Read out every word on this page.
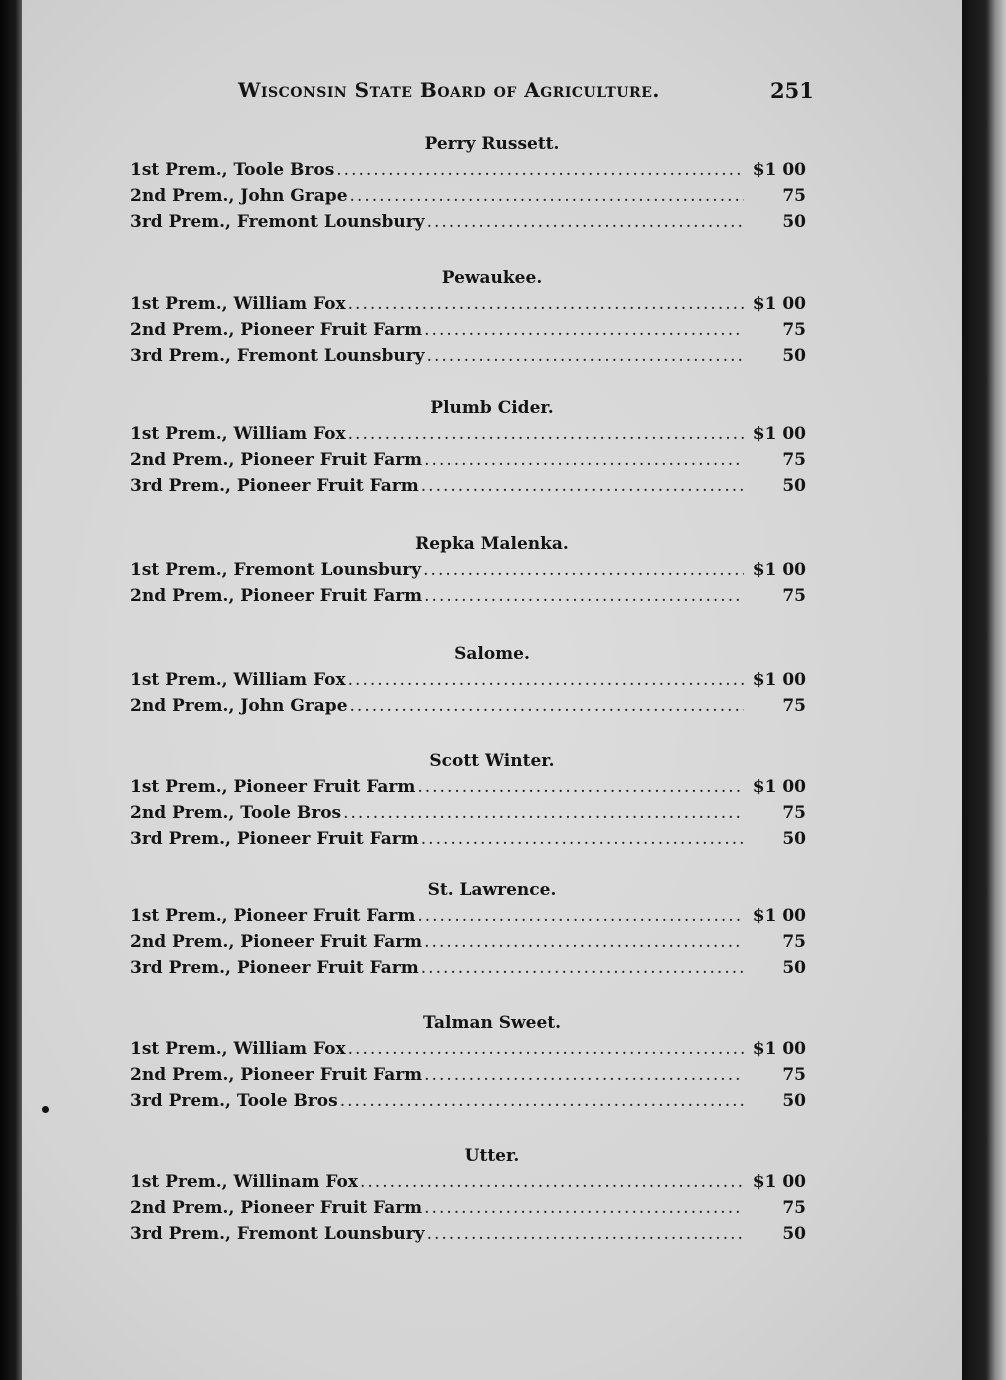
Wisconsin State Board of Agriculture.	251
Perry Russett.
1st Prem., Toole Bros .....	$1 00
2nd Prem., John Grape .....	75
3rd Prem., Fremont Lounsbury .....	50
Pewaukee.
1st Prem., William Fox .....	$1 00
2nd Prem., Pioneer Fruit Farm .....	75
3rd Prem., Fremont Lounsbury .....	50
Plumb Cider.
1st Prem., William Fox .....	$1 00
2nd Prem., Pioneer Fruit Farm .....	75
3rd Prem., Pioneer Fruit Farm .....	50
Repka Malenka.
1st Prem., Fremont Lounsbury .....	$1 00
2nd Prem., Pioneer Fruit Farm .....	75
Salome.
1st Prem., William Fox .....	$1 00
2nd Prem., John Grape .....	75
Scott Winter.
1st Prem., Pioneer Fruit Farm .....	$1 00
2nd Prem., Toole Bros .....	75
3rd Prem., Pioneer Fruit Farm .....	50
St. Lawrence.
1st Prem., Pioneer Fruit Farm .....	$1 00
2nd Prem., Pioneer Fruit Farm .....	75
3rd Prem., Pioneer Fruit Farm .....	50
Talman Sweet.
1st Prem., William Fox .....	$1 00
2nd Prem., Pioneer Fruit Farm .....	75
3rd Prem., Toole Bros .....	50
Utter.
1st Prem., Willinam Fox .....	$1 00
2nd Prem., Pioneer Fruit Farm .....	75
3rd Prem., Fremont Lounsbury .....	50
